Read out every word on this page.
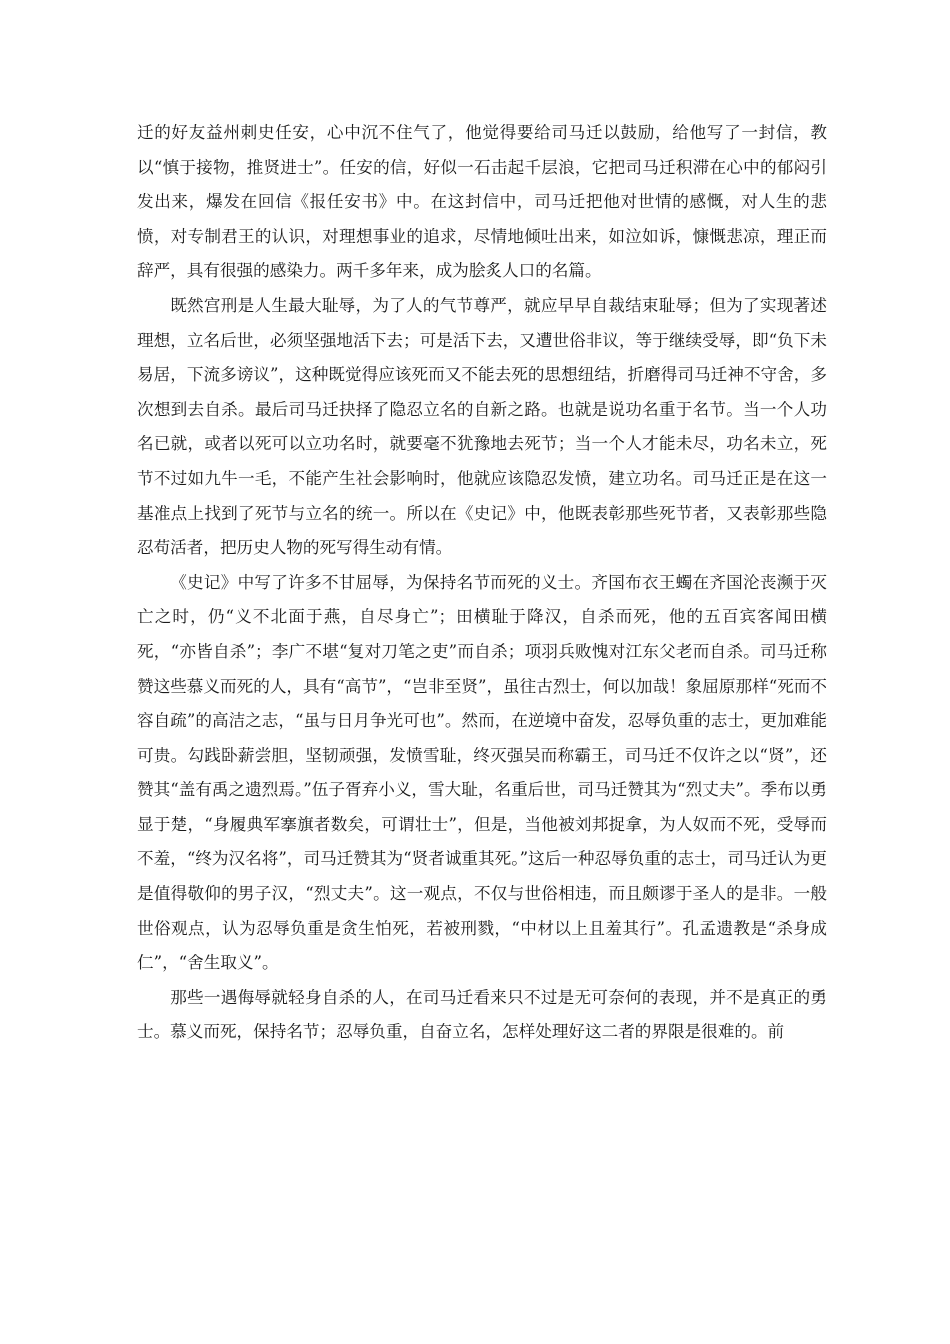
迁的好友益州刺史任安，心中沉不住气了，他觉得要给司马迁以鼓励，给他写了一封信，教以“慎于接物，推贤进士”。任安的信，好似一石击起千层浪，它把司马迁积滞在心中的郁闷引发出来，爆发在回信《报任安书》中。在这封信中，司马迁把他对世情的感慨，对人生的悲愤，对专制君王的认识，对理想事业的追求，尽情地倾吐出来，如泣如诉，慷慨悲凉，理正而辞严，具有很强的感染力。两千多年来，成为脍炙人口的名篇。

既然宫刑是人生最大耻辱，为了人的气节尊严，就应早早自裁结束耻辱；但为了实现著述理想，立名后世，必须坚强地活下去；可是活下去，又遭世俗非议，等于继续受辱，即“负下未易居，下流多谤议”，这种既觉得应该死而又不能去死的思想纽结，折磨得司马迁神不守舍，多次想到去自杀。最后司马迁抉择了隐忍立名的自新之路。也就是说功名重于名节。当一个人功名已就，或者以死可以立功名时，就要毫不犹豫地去死节；当一个人才能未尽，功名未立，死节不过如九牛一毛，不能产生社会影响时，他就应该隐忍发愤，建立功名。司马迁正是在这一基准点上找到了死节与立名的统一。所以在《史记》中，他既表彰那些死节者，又表彰那些隐忍苟活者，把历史人物的死写得生动有情。

《史记》中写了许多不甘屈辱，为保持名节而死的义士。齐国布衣王蠋在齐国沦丧濒于灭亡之时，仍“义不北面于燕，自尽身亡”；田横耻于降汉，自杀而死，他的五百宾客闻田横死，“亦皆自杀”；李广不堪“复对刀笔之吏”而自杀；项羽兵败愧对江东父老而自杀。司马迁称赞这些慕义而死的人，具有“高节”，“岂非至贤”，虽往古烈士，何以加哉！象屈原那样“死而不容自疏”的高洁之志，“虽与日月争光可也”。然而，在逆境中奋发，忍辱负重的志士，更加难能可贵。勾践卧薪尝胆，坚韧顽强，发愤雪耻，终灭强吴而称霸王，司马迁不仅许之以“贤”，还赞其“盖有禹之遗烈焉。”伍子胥弃小义，雪大耻，名重后世，司马迁赞其为“烈丈夫”。季布以勇显于楚，“身履典军搴旗者数矣，可谓壮士”，但是，当他被刘邦捉拿，为人奴而不死，受辱而不羞，“终为汉名将”，司马迁赞其为“贤者诚重其死。”这后一种忍辱负重的志士，司马迁认为更是值得敬仰的男子汉，“烈丈夫”。这一观点，不仅与世俗相违，而且颇谬于圣人的是非。一般世俗观点，认为忍辱负重是贪生怕死，若被刑戮，“中材以上且羞其行”。孔孟遗教是“杀身成仁”，“舍生取义”。

那些一遇侮辱就轻身自杀的人，在司马迁看来只不过是无可奈何的表现，并不是真正的勇士。慕义而死，保持名节；忍辱负重，自奋立名，怎样处理好这二者的界限是很难的。前
